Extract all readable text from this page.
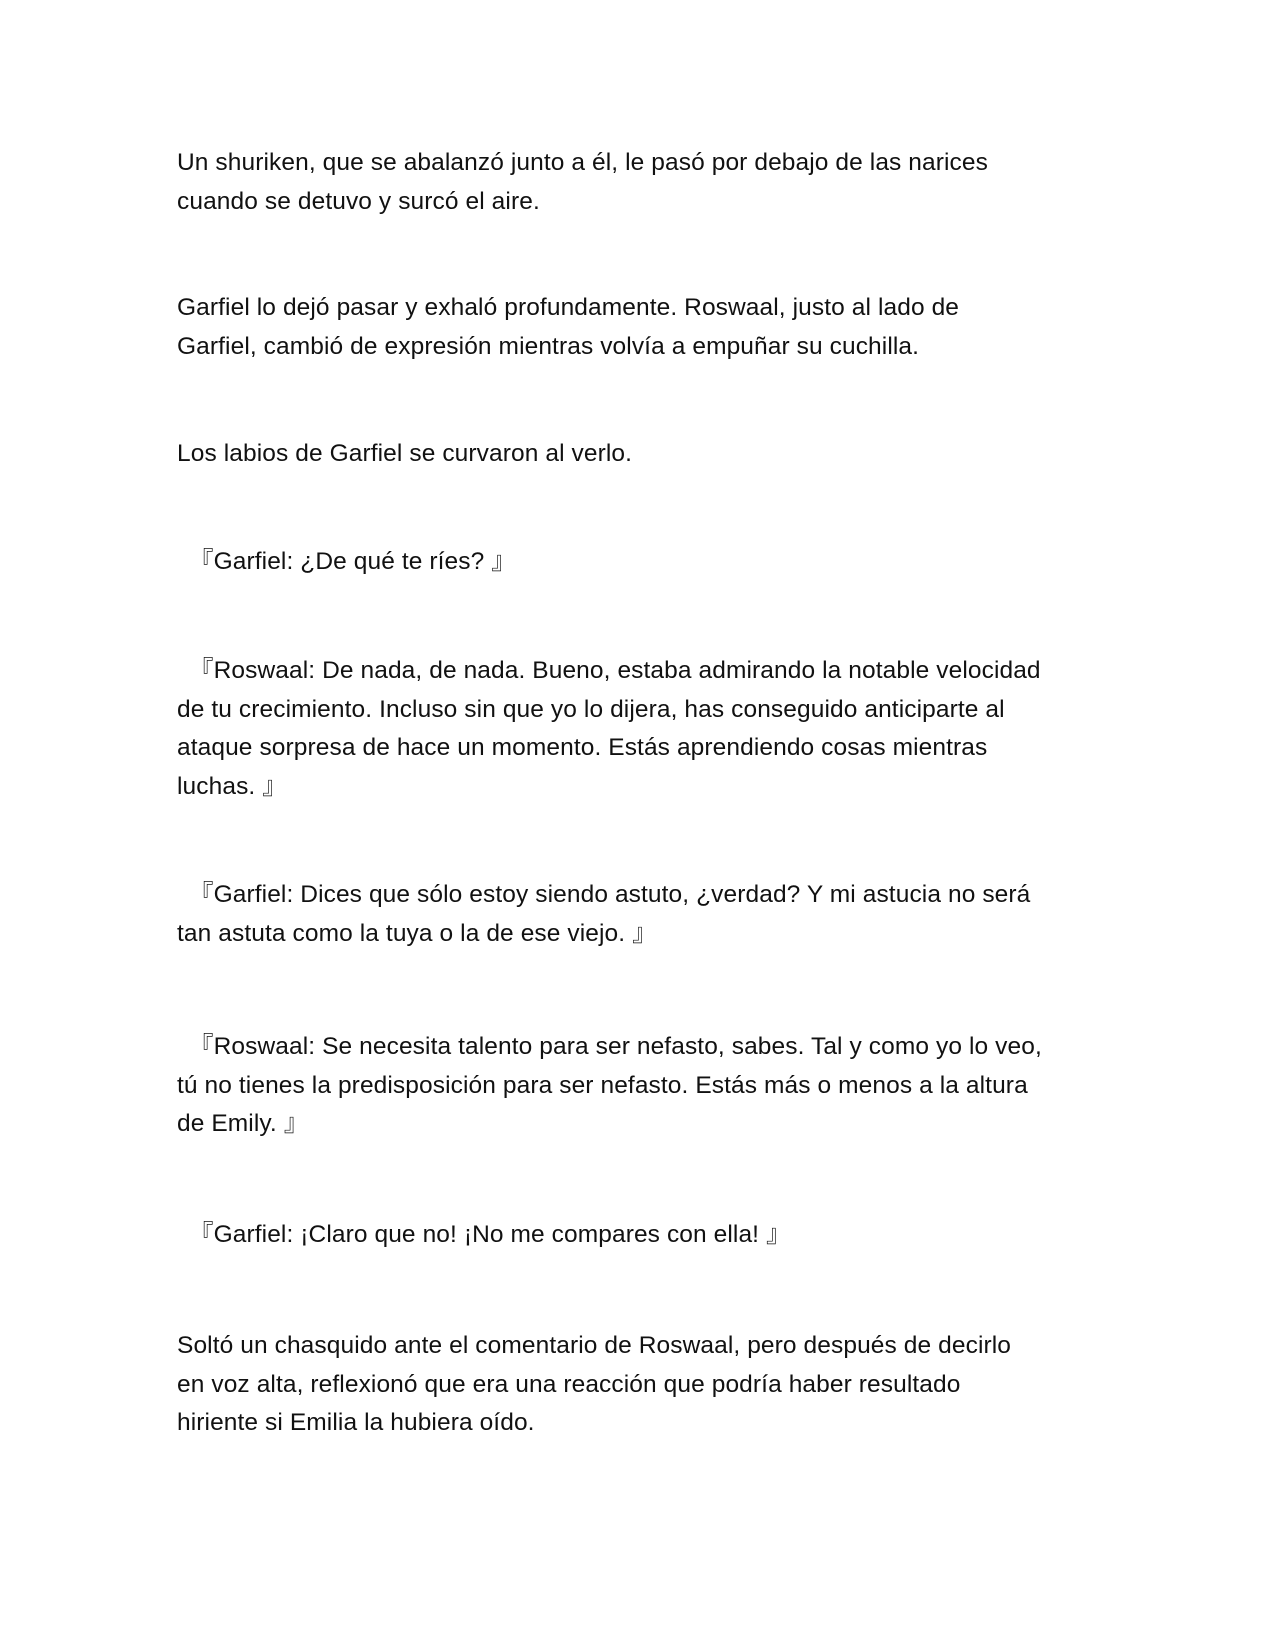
Un shuriken, que se abalanzó junto a él, le pasó por debajo de las narices
cuando se detuvo y surcó el aire.

Garfiel lo dejó pasar y exhaló profundamente. Roswaal, justo al lado de
Garfiel, cambió de expresión mientras volvía a empuñar su cuchilla.

Los labios de Garfiel se curvaron al verlo.

『Garfiel: ¿De qué te ríes? 』

『Roswaal: De nada, de nada. Bueno, estaba admirando la notable velocidad
de tu crecimiento. Incluso sin que yo lo dijera, has conseguido anticiparte al
ataque sorpresa de hace un momento. Estás aprendiendo cosas mientras
luchas. 』

『Garfiel: Dices que sólo estoy siendo astuto, ¿verdad? Y mi astucia no será
tan astuta como la tuya o la de ese viejo. 』

『Roswaal: Se necesita talento para ser nefasto, sabes. Tal y como yo lo veo,
tú no tienes la predisposición para ser nefasto. Estás más o menos a la altura
de Emily. 』

『Garfiel: ¡Claro que no! ¡No me compares con ella! 』

Soltó un chasquido ante el comentario de Roswaal, pero después de decirlo
en voz alta, reflexionó que era una reacción que podría haber resultado
hiriente si Emilia la hubiera oído.
